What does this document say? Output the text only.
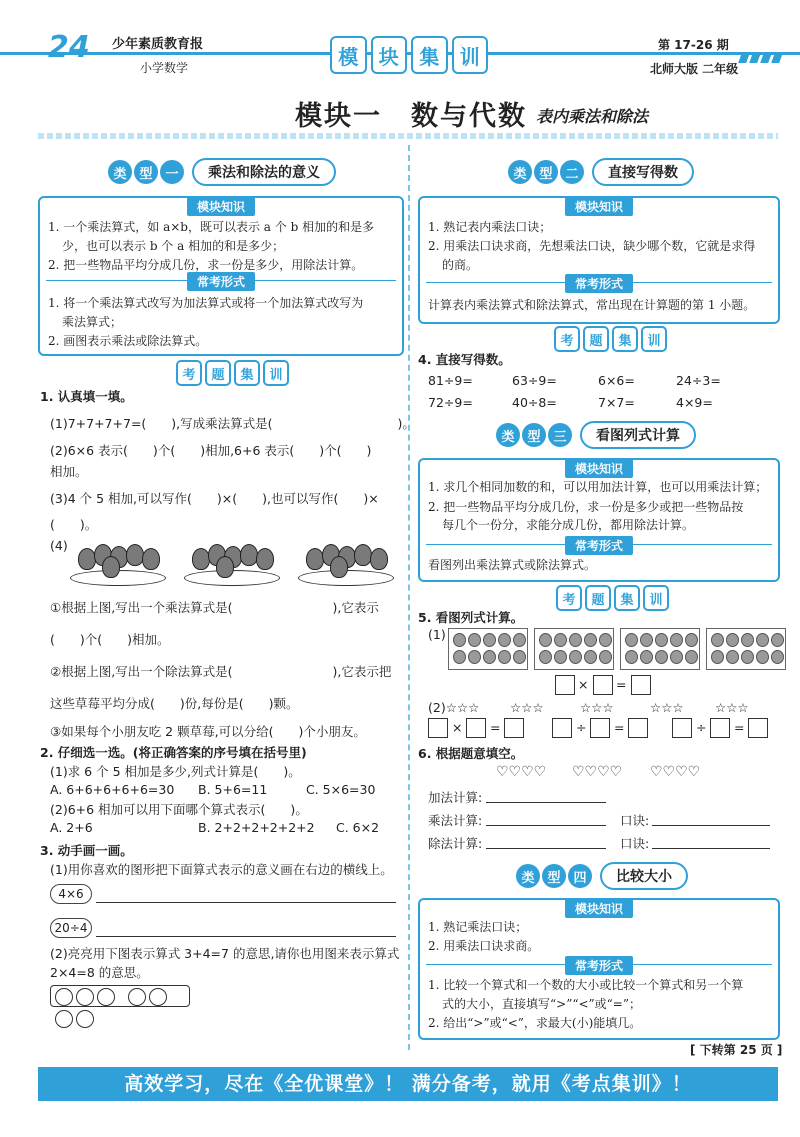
24 少年素质教育报
小学数学	模	块	集	训	第 17-26 期
北师大版 二年级
模块一　数与代数 表内乘法和除法
类 型 一	乘法和除法的意义
模块知识
1. 一个乘法算式，如 a×b，既可以表示 a 个 b 相加的和是多
少，也可以表示 b 个 a 相加的和是多少；
2. 把一些物品平均分成几份，求一份是多少，用除法计算。
常考形式
1. 将一个乘法算式改写为加法算式或将一个加法算式改写为
乘法算式；
2. 画图表示乘法或除法算式。
考	题	集	训
1. 认真填一填。
(1)7+7+7+7=(　　),写成乘法算式是(　　　　　　　　　　)。
(2)6×6 表示(　　)个(　　)相加,6+6 表示(　　)个(　　)
相加。
(3)4 个 5 相加,可以写作(　　)×(　　),也可以写作(　　)×
(　　)。
(4)
①根据上图,写出一个乘法算式是(　　　　　　　　),它表示
(　　)个(　　)相加。
②根据上图,写出一个除法算式是(　　　　　　　　),它表示把
这些草莓平均分成(　　)份,每份是(　　)颗。
③如果每个小朋友吃 2 颗草莓,可以分给(　　)个小朋友。
2. 仔细选一选。(将正确答案的序号填在括号里)
(1)求 6 个 5 相加是多少,列式计算是(　　)。
A. 6+6+6+6+6=30 B. 5+6=11	C. 5×6=30
(2)6+6 相加可以用下面哪个算式表示(　　)。
A. 2+6	B. 2+2+2+2+2+2 C. 6×2
3. 动手画一画。
(1)用你喜欢的图形把下面算式表示的意义画在右边的横线上。
4×6
20÷4
(2)亮亮用下图表示算式 3+4=7 的意思,请你也用图来表示算式
2×4=8 的意思。

类 型 二	直接写得数
模块知识
1. 熟记表内乘法口诀；
2. 用乘法口诀求商，先想乘法口诀，缺少哪个数，它就是求得
的商。
常考形式
计算表内乘法算式和除法算式，常出现在计算题的第 1 小题。
考	题	集	训
4. 直接写得数。
81÷9=	63÷9=	6×6=	24÷3=
72÷9=	40÷8=	7×7=	4×9=
类 型 三	看图列式计算
模块知识
1. 求几个相同加数的和，可以用加法计算，也可以用乘法计算；
2. 把一些物品平均分成几份，求一份是多少或把一些物品按
每几个一份分，求能分成几份，都用除法计算。
常考形式
看图列出乘法算式或除法算式。
考	题	集	训
5. 看图列式计算。
(1)
× =
(2)☆☆☆ ☆☆☆	☆☆☆	☆☆☆	☆☆☆
× =	÷ =	÷ =
6. 根据题意填空。
♡♡♡♡ ♡♡♡♡ ♡♡♡♡
加法计算:
乘法计算:	口诀:
除法计算:	口诀:
类 型 四	比较大小
模块知识
1. 熟记乘法口诀；
2. 用乘法口诀求商。
常考形式
1. 比较一个算式和一个数的大小或比较一个算式和另一个算
式的大小，直接填写“>”“<”或“=”；
2. 给出“>”或“<”，求最大(小)能填几。
[ 下转第 25 页 ]
高效学习，尽在《全优课堂》！ 满分备考，就用《考点集训》！
